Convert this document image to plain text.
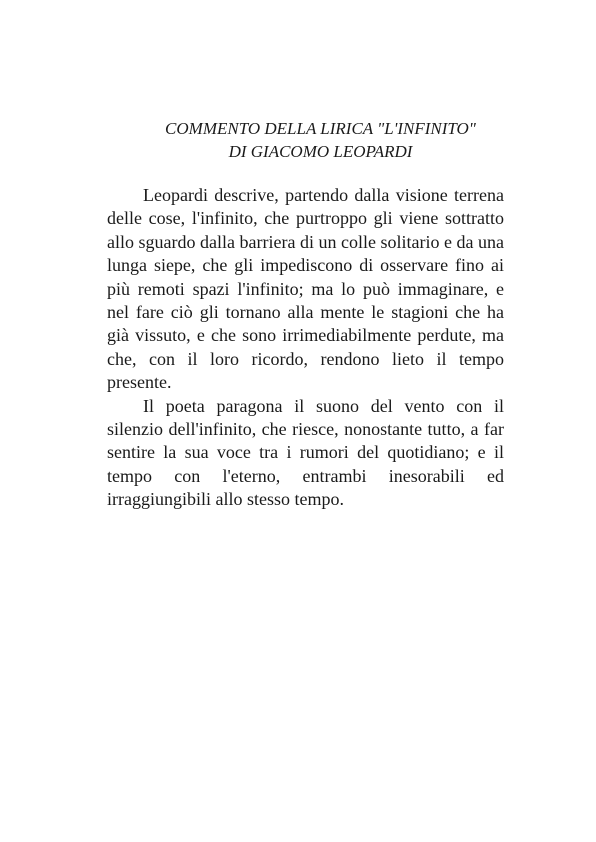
COMMENTO DELLA LIRICA "L'INFINITO"
DI GIACOMO LEOPARDI

Leopardi descrive, partendo dalla visione terrena delle cose, l'infinito, che purtroppo gli viene sottratto allo sguardo dalla barriera di un colle solitario e da una lunga siepe, che gli impediscono di osservare fino ai più remoti spazi l'infinito; ma lo può immaginare, e nel fare ciò gli tornano alla mente le stagioni che ha già vissuto, e che sono irrimediabilmente perdute, ma che, con il loro ricordo, rendono lieto il tempo presente.

Il poeta paragona il suono del vento con il silenzio dell'infinito, che riesce, nonostante tutto, a far sentire la sua voce tra i rumori del quotidiano; e il tempo con l'eterno, entrambi inesorabili ed irraggiungibili allo stesso tempo.
